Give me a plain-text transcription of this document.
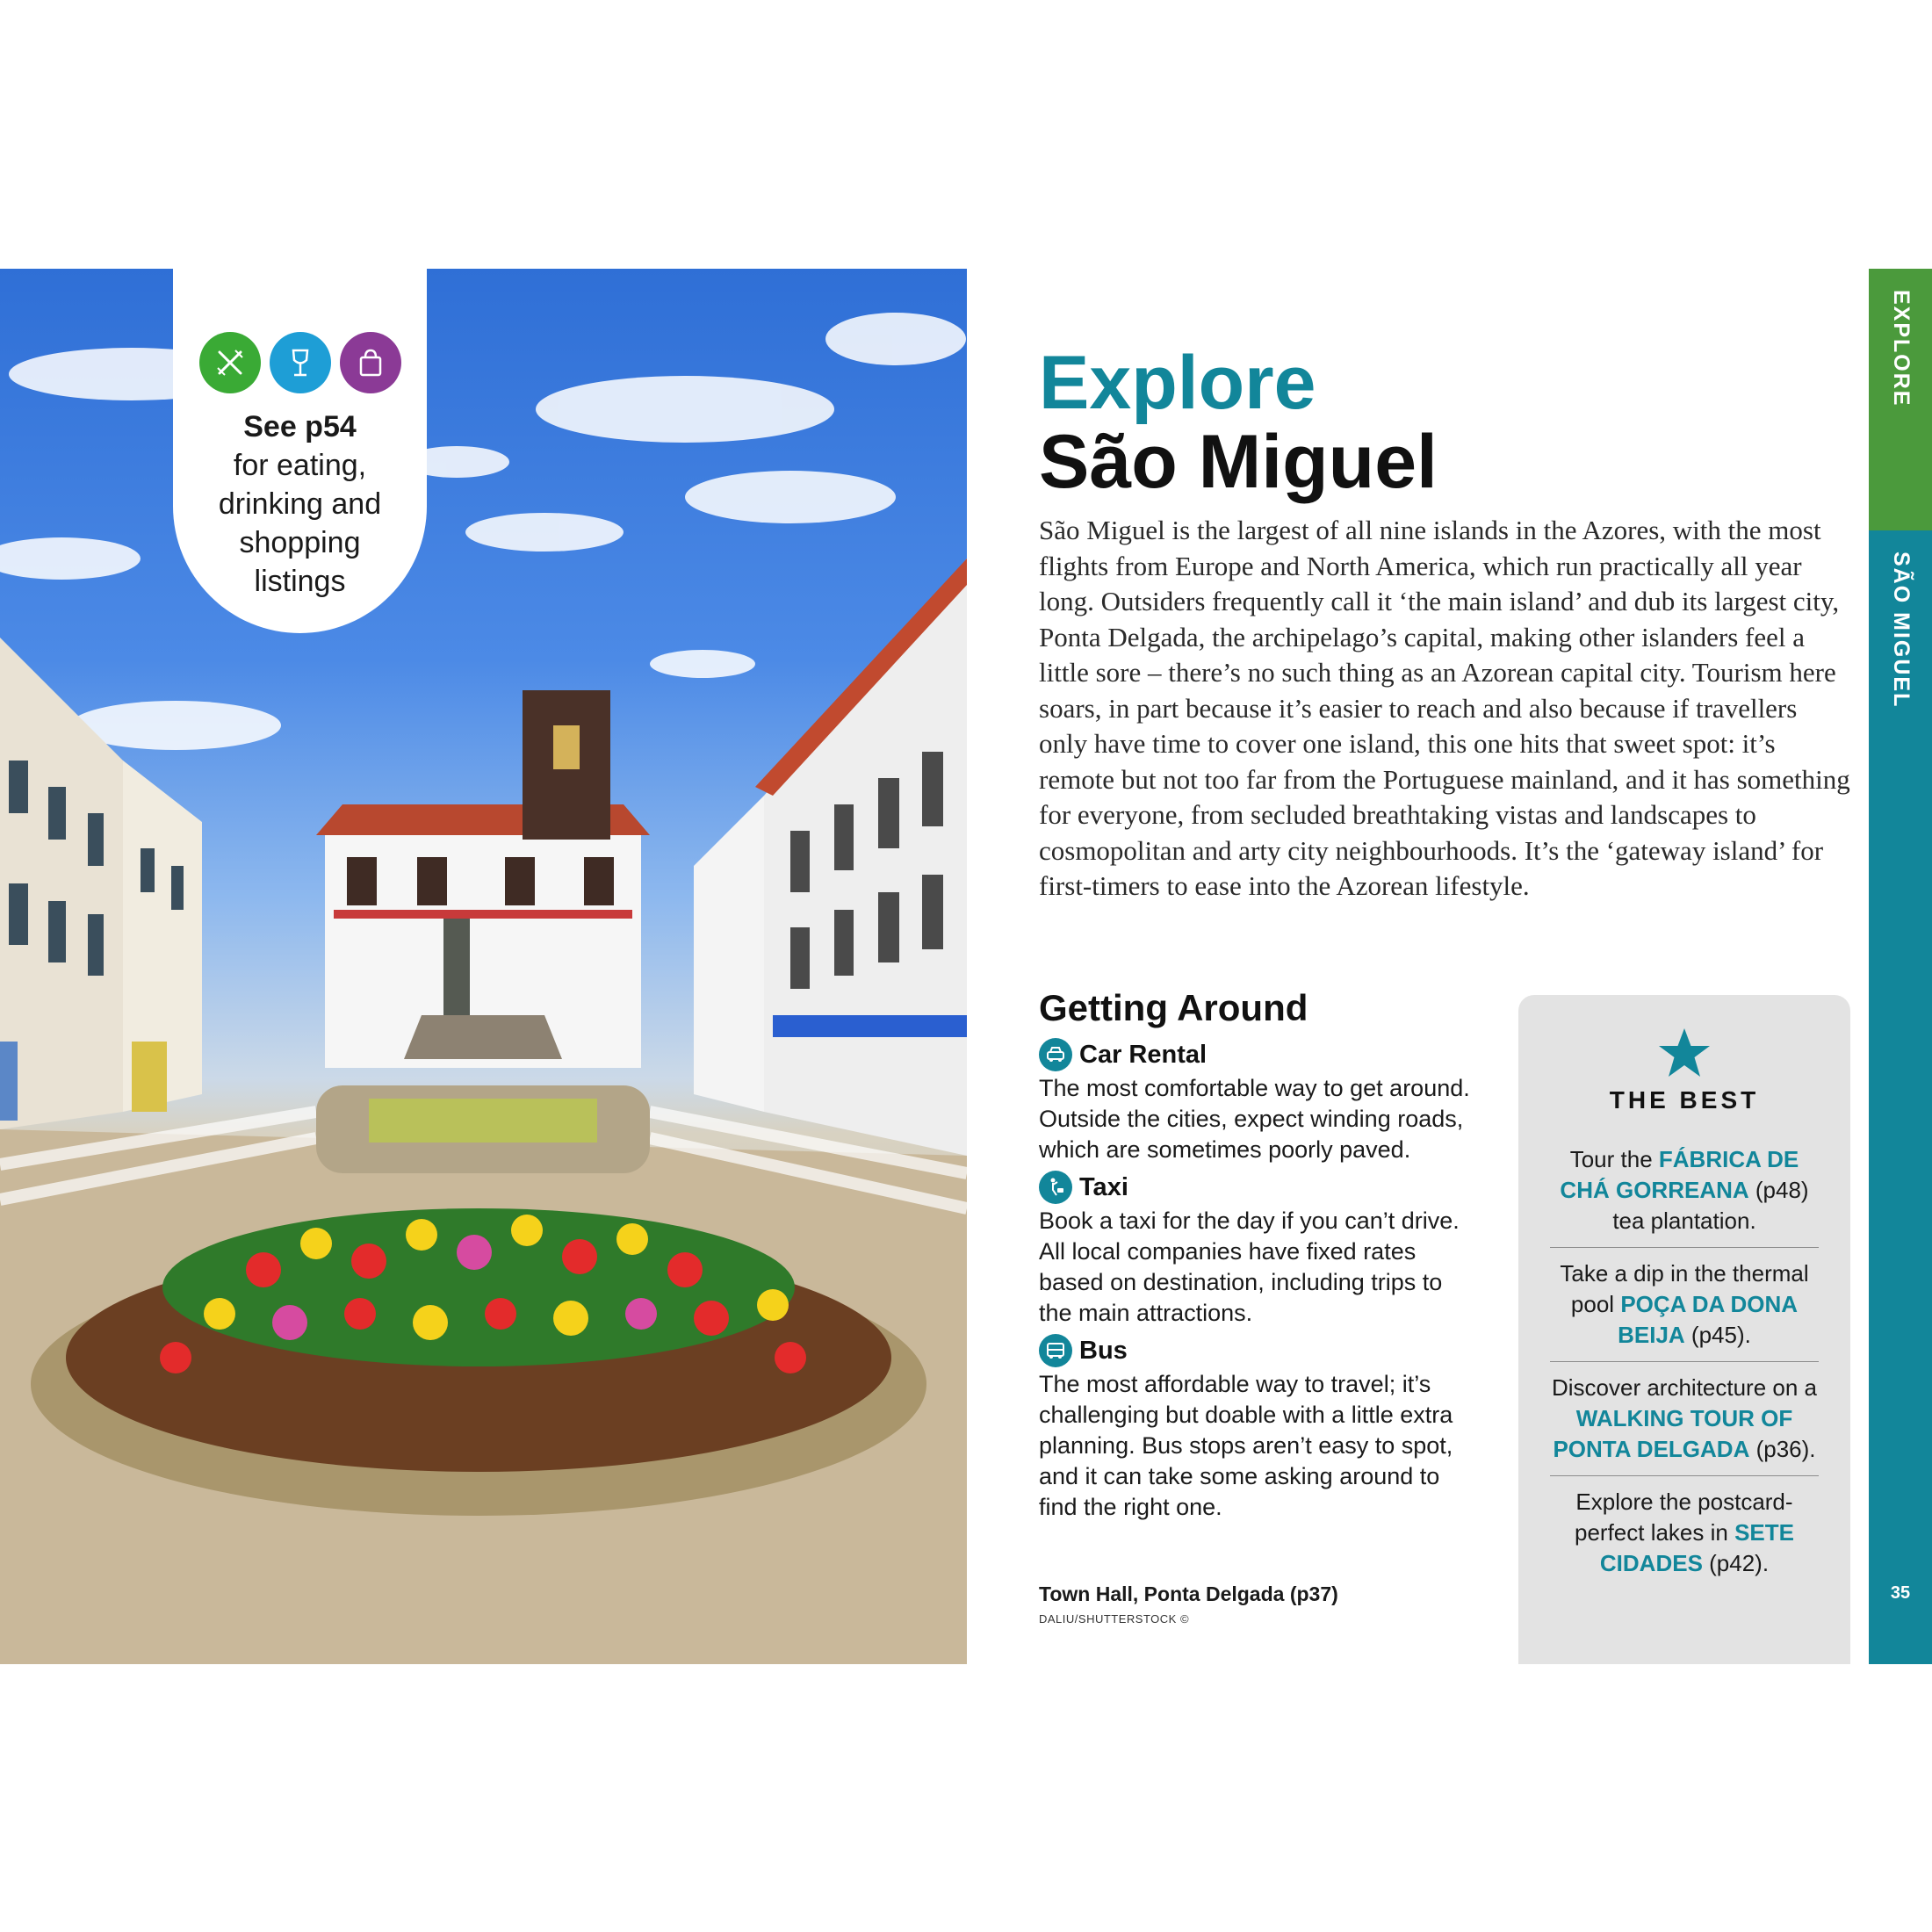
See p54
for eating,
drinking and
shopping
listings
Explore
São Miguel

São Miguel is the largest of all nine islands in the Azores, with the most flights from Europe and North America, which run practically all year long. Outsiders frequently call it ‘the main island’ and dub its largest city, Ponta Delgada, the archipelago’s capital, making other islanders feel a little sore – there’s no such thing as an Azorean capital city. Tourism here soars, in part because it’s easier to reach and also because if travellers only have time to cover one island, this one hits that sweet spot: it’s remote but not too far from the Portuguese mainland, and it has something for everyone, from secluded breathtaking vistas and landscapes to cosmopolitan and arty city neighbourhoods. It’s the ‘gateway island’ for first-timers to ease into the Azorean lifestyle.

Getting Around
Car Rental

The most comfortable way to get around. Outside the cities, expect winding roads, which are sometimes poorly paved.

Taxi

Book a taxi for the day if you can’t drive. All local companies have fixed rates based on destination, including trips to the main attractions.

Bus

The most affordable way to travel; it’s challenging but doable with a little extra planning. Bus stops aren’t easy to spot, and it can take some asking around to find the right one.

Town Hall, Ponta Delgada (p37)
DALIU/SHUTTERSTOCK ©
THE BEST
Tour the FÁBRICA DE CHÁ GORREANA (p48) tea plantation.
Take a dip in the thermal pool POÇA DA DONA BEIJA (p45).
Discover architecture on a WALKING TOUR OF PONTA DELGADA (p36).
Explore the postcard-perfect lakes in SETE CIDADES (p42).
EXPLORE
SÃO MIGUEL
35
